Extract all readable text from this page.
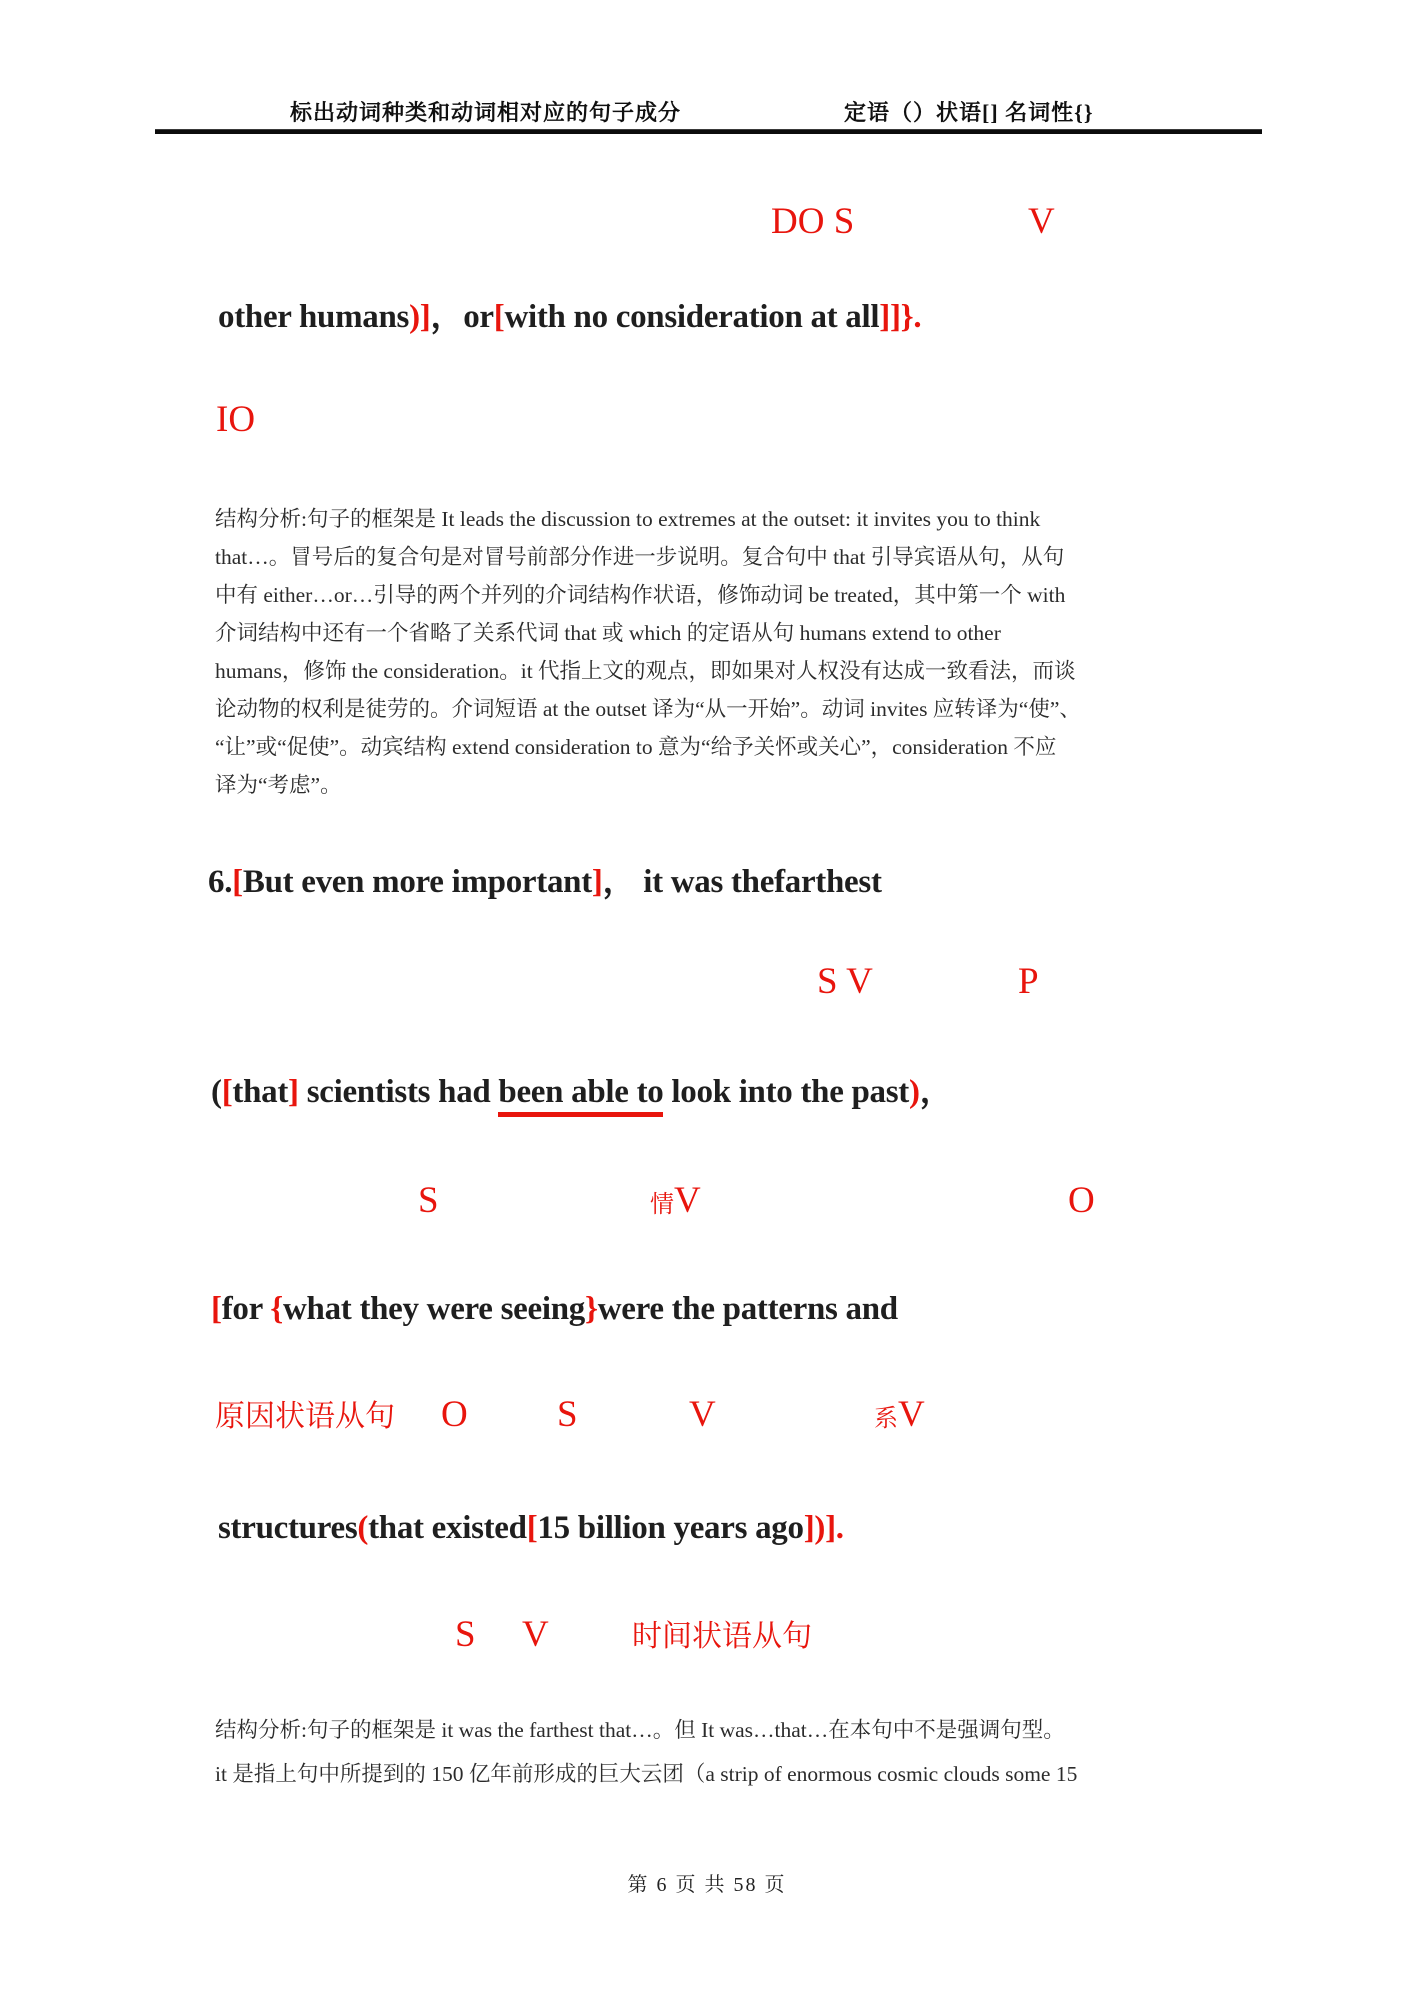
标出动词种类和动词相对应的句子成分	定语（）状语[] 名词性{}
第 6 页 共 58 页
DO S	V
IO
S V	P
S	情V	O
原因状语从句 O S	V	系V
S V	时间状语从句
other humans)]，or[with no consideration at all]]}.
6.[But even more important]， it was thefarthest
([that] scientists had been able to look into the past)，
[for {what they were seeing}were the patterns and
structures(that existed[15 billion years ago])].
结构分析:句子的框架是 It leads the discussion to extremes at the outset: it invites you to think
that…。冒号后的复合句是对冒号前部分作进一步说明。复合句中 that 引导宾语从句，从句
中有 either…or…引导的两个并列的介词结构作状语，修饰动词 be treated，其中第一个 with
介词结构中还有一个省略了关系代词 that 或 which 的定语从句 humans extend to other
humans，修饰 the consideration。it 代指上文的观点，即如果对人权没有达成一致看法，而谈
论动物的权利是徒劳的。介词短语 at the outset 译为“从一开始”。动词 invites 应转译为“使”、
“让”或“促使”。动宾结构 extend consideration to 意为“给予关怀或关心”，consideration 不应
译为“考虑”。
结构分析:句子的框架是 it was the farthest that…。但 It was…that…在本句中不是强调句型。
it 是指上句中所提到的 150 亿年前形成的巨大云团（a strip of enormous cosmic clouds some 15
